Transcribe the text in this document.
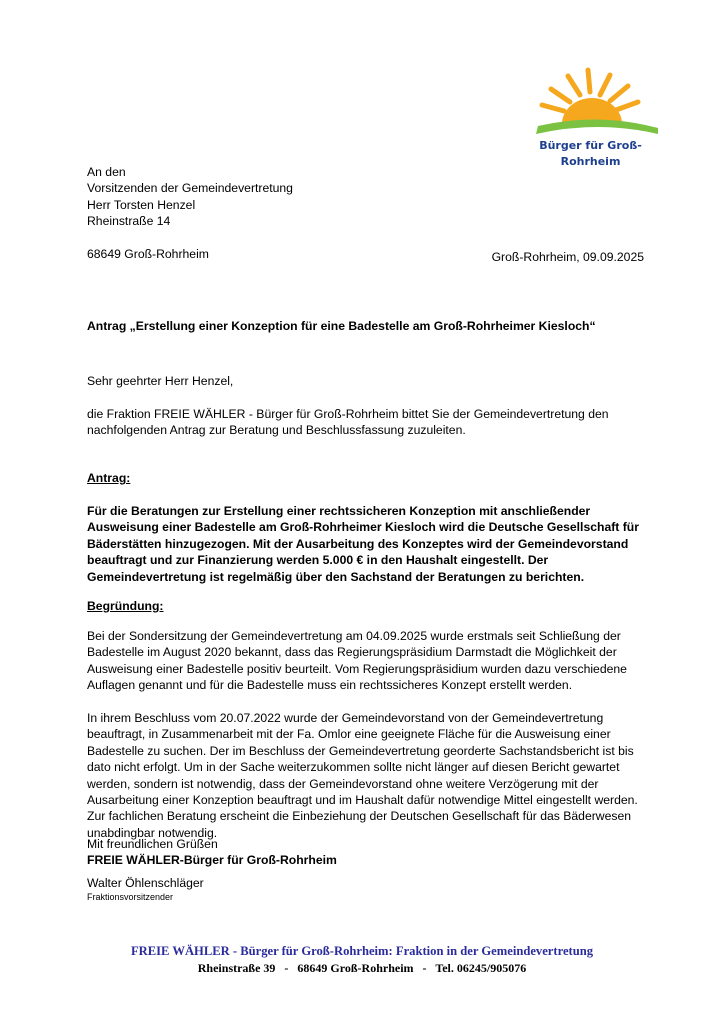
Bürger für Groß-Rohrheim
An den
Vorsitzenden der Gemeindevertretung
Herr Torsten Henzel
Rheinstraße 14
68649 Groß-Rohrheim	Groß-Rohrheim, 09.09.2025
Antrag „Erstellung einer Konzeption für eine Badestelle am Groß-Rohrheimer Kiesloch“
Sehr geehrter Herr Henzel,
die Fraktion FREIE WÄHLER - Bürger für Groß-Rohrheim bittet Sie der Gemeindevertretung den nachfolgenden Antrag zur Beratung und Beschlussfassung zuzuleiten.
Antrag:
Für die Beratungen zur Erstellung einer rechtssicheren Konzeption mit anschließender Ausweisung einer Badestelle am Groß-Rohrheimer Kiesloch wird die Deutsche Gesellschaft für Bäderstätten hinzugezogen. Mit der Ausarbeitung des Konzeptes wird der Gemeindevorstand beauftragt und zur Finanzierung werden 5.000 € in den Haushalt eingestellt. Der Gemeindevertretung ist regelmäßig über den Sachstand der Beratungen zu berichten.
Begründung:
Bei der Sondersitzung der Gemeindevertretung am 04.09.2025 wurde erstmals seit Schließung der Badestelle im August 2020 bekannt, dass das Regierungspräsidium Darmstadt die Möglichkeit der Ausweisung einer Badestelle positiv beurteilt. Vom Regierungspräsidium wurden dazu verschiedene Auflagen genannt und für die Badestelle muss ein rechtssicheres Konzept erstellt werden.
In ihrem Beschluss vom 20.07.2022 wurde der Gemeindevorstand von der Gemeindevertretung beauftragt, in Zusammenarbeit mit der Fa. Omlor eine geeignete Fläche für die Ausweisung einer Badestelle zu suchen. Der im Beschluss der Gemeindevertretung georderte Sachstandsbericht ist bis dato nicht erfolgt. Um in der Sache weiterzukommen sollte nicht länger auf diesen Bericht gewartet werden, sondern ist notwendig, dass der Gemeindevorstand ohne weitere Verzögerung mit der Ausarbeitung einer Konzeption beauftragt und im Haushalt dafür notwendige Mittel eingestellt werden. Zur fachlichen Beratung erscheint die Einbeziehung der Deutschen Gesellschaft für das Bäderwesen unabdingbar notwendig.
Mit freundlichen Grüßen
FREIE WÄHLER-Bürger für Groß-Rohrheim
Walter Öhlenschläger
Fraktionsvorsitzender
FREIE WÄHLER - Bürger für Groß-Rohrheim: Fraktion in der Gemeindevertretung
Rheinstraße 39   -   68649 Groß-Rohrheim   -   Tel. 06245/905076
